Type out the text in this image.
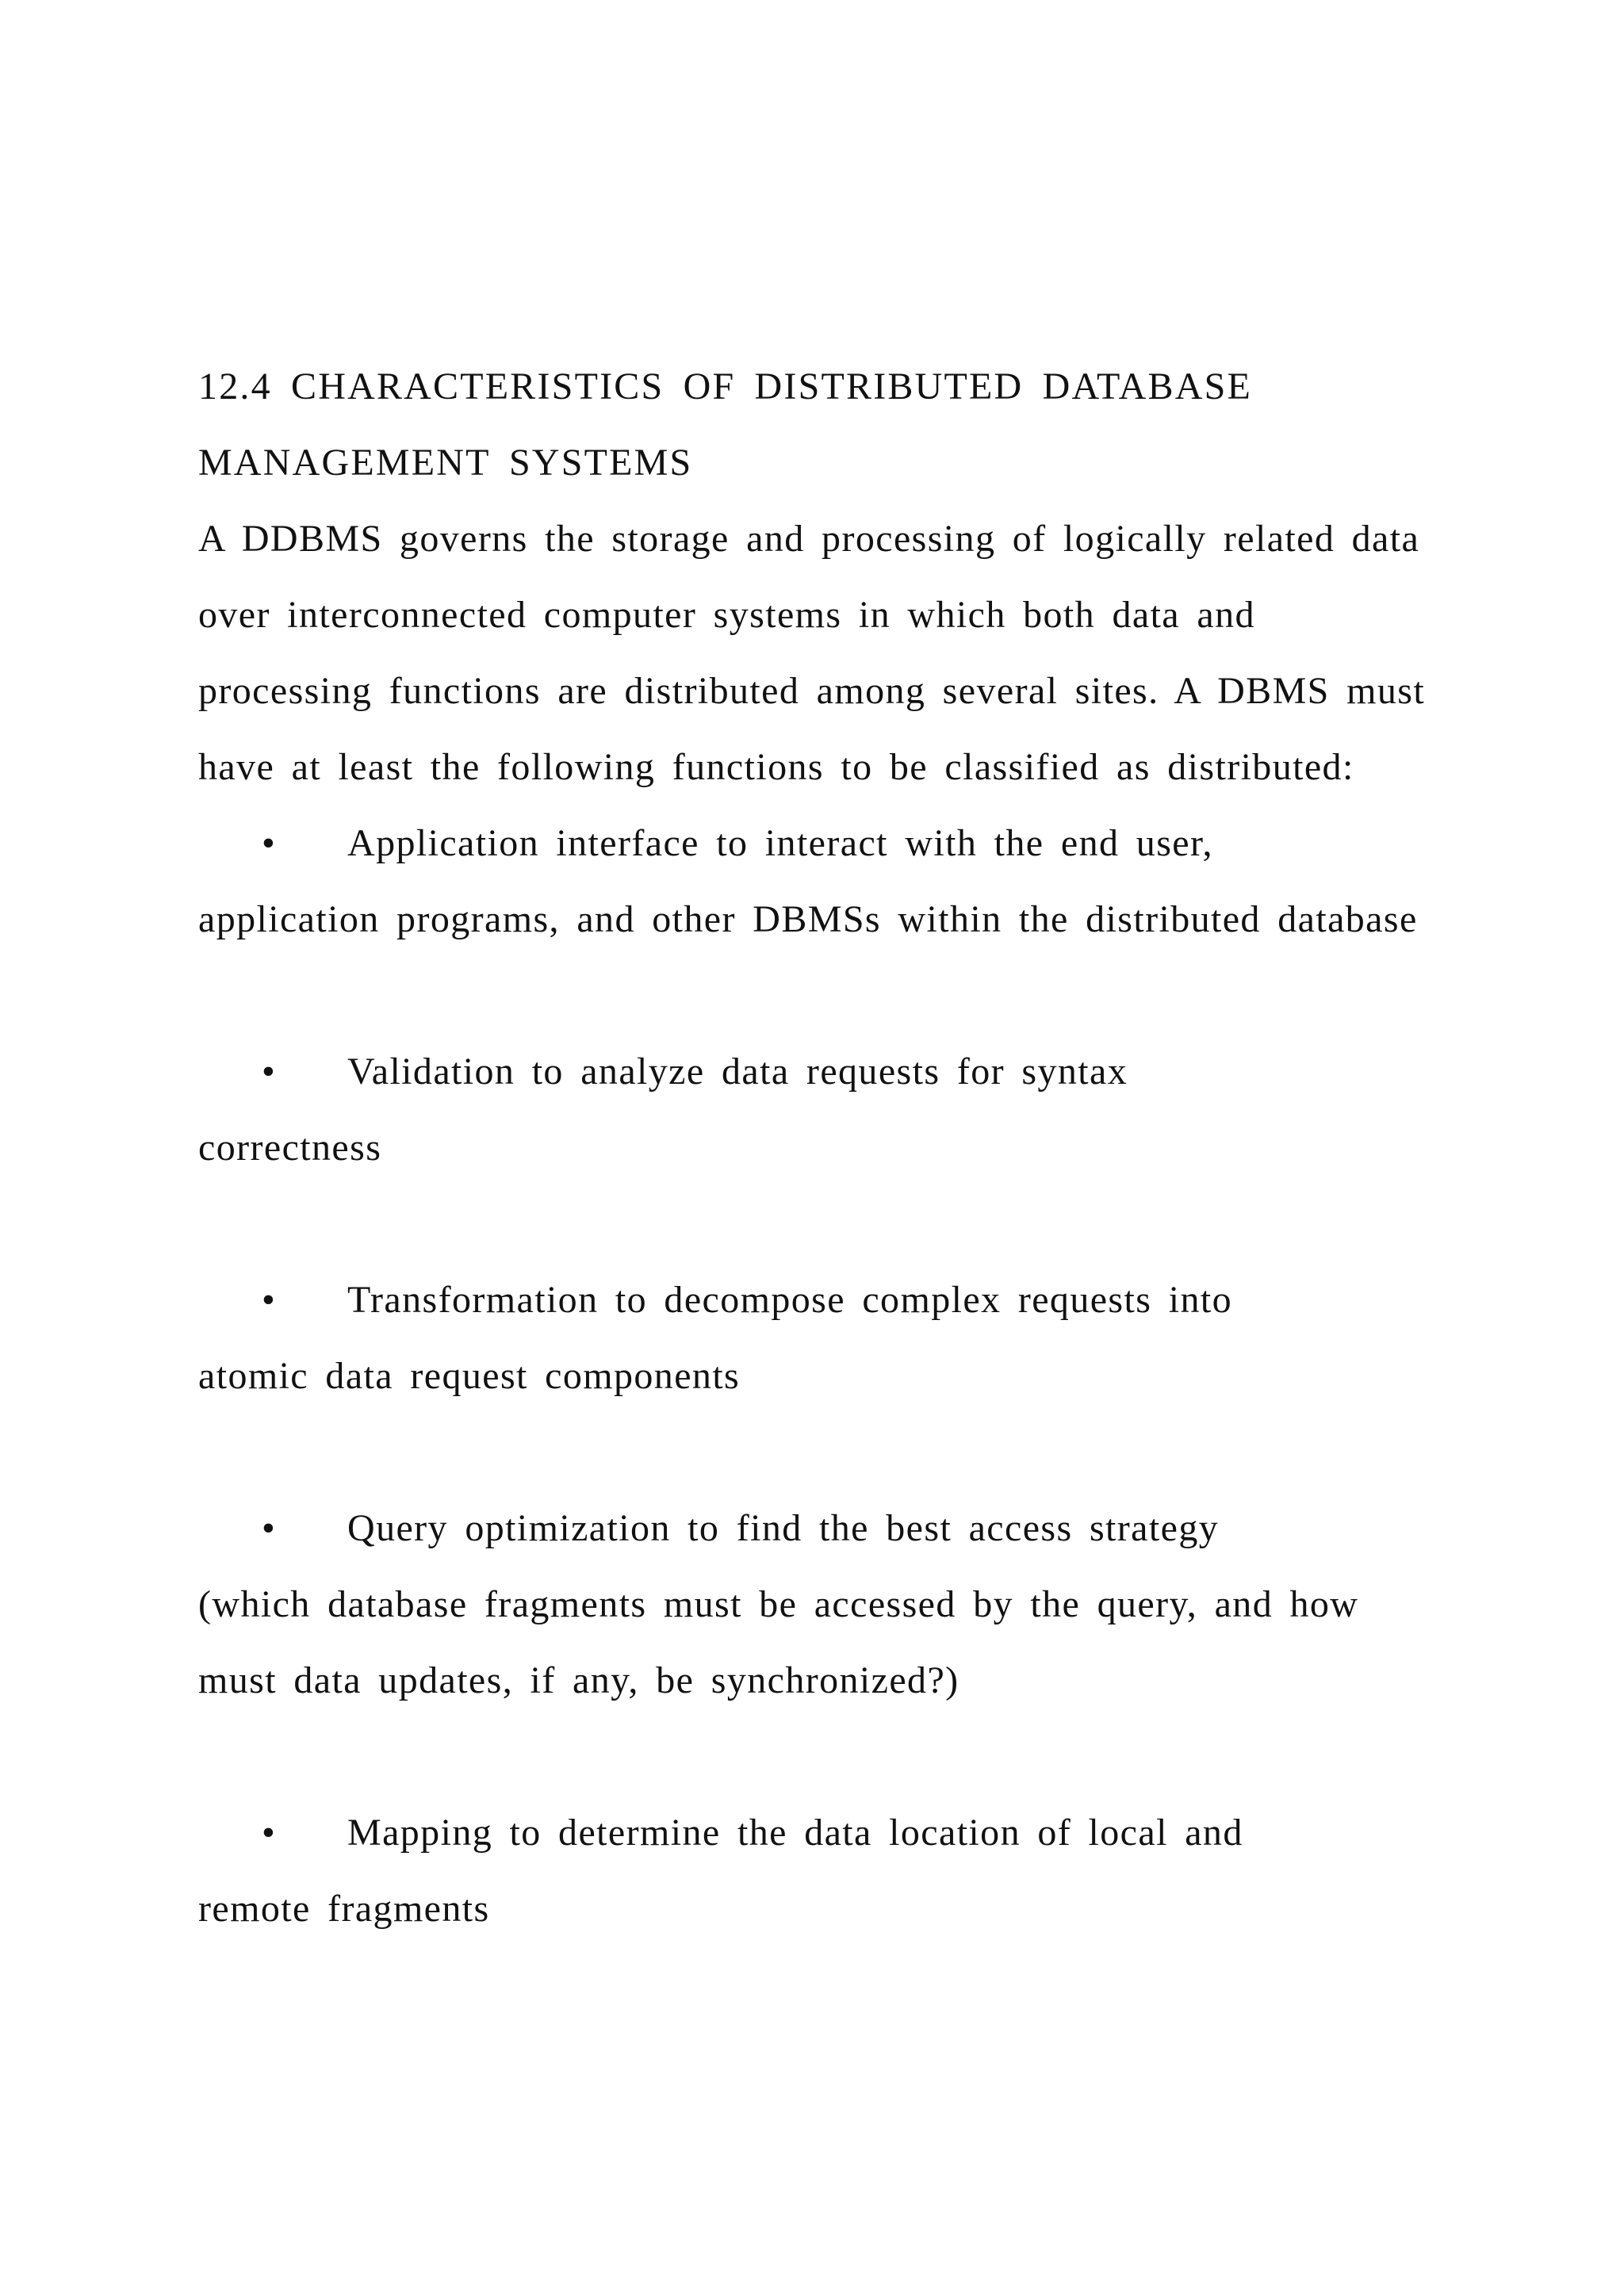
12.4 CHARACTERISTICS OF DISTRIBUTED DATABASE
MANAGEMENT SYSTEMS

A DDBMS governs the storage and processing of logically related data over interconnected computer systems in which both data and processing functions are distributed among several sites. A DBMS must have at least the following functions to be classified as distributed:

• Application interface to interact with the end user,
application programs, and other DBMSs within the distributed database

• Validation to analyze data requests for syntax
correctness

• Transformation to decompose complex requests into
atomic data request components

• Query optimization to find the best access strategy
(which database fragments must be accessed by the query, and how must data updates, if any, be synchronized?)

• Mapping to determine the data location of local and
remote fragments
